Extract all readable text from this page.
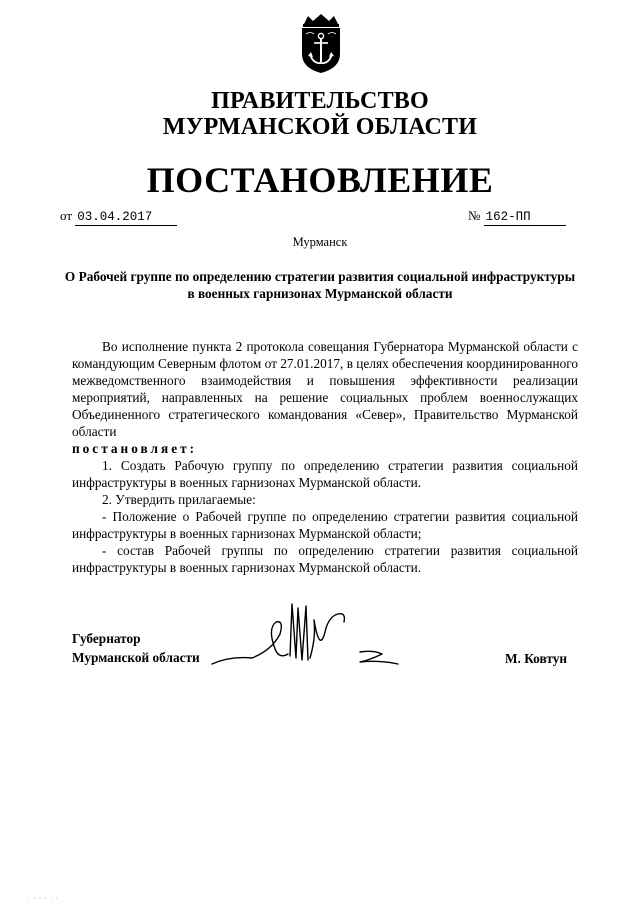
ПРАВИТЕЛЬСТВО
МУРМАНСКОЙ ОБЛАСТИ
ПОСТАНОВЛЕНИЕ
от 03.04.2017	№ 162-ПП
Мурманск
О Рабочей группе по определению стратегии развития социальной инфраструктуры в военных гарнизонах Мурманской области

Во исполнение пункта 2 протокола совещания Губернатора Мурманской области с командующим Северным флотом от 27.01.2017, в целях обеспечения координированного межведомственного взаимодействия и повышения эффективности реализации мероприятий, направленных на решение социальных проблем военнослужащих Объединенного стратегического командования «Север», Правительство Мурманской области

постановляет:

1. Создать Рабочую группу по определению стратегии развития социальной инфраструктуры в военных гарнизонах Мурманской области.

2. Утвердить прилагаемые:

- Положение о Рабочей группе по определению стратегии развития социальной инфраструктуры в военных гарнизонах Мурманской области;

- состав Рабочей группы по определению стратегии развития социальной инфраструктуры в военных гарнизонах Мурманской области.

Губернатор
Мурманской области	М. Ковтун
· · · · · ·
